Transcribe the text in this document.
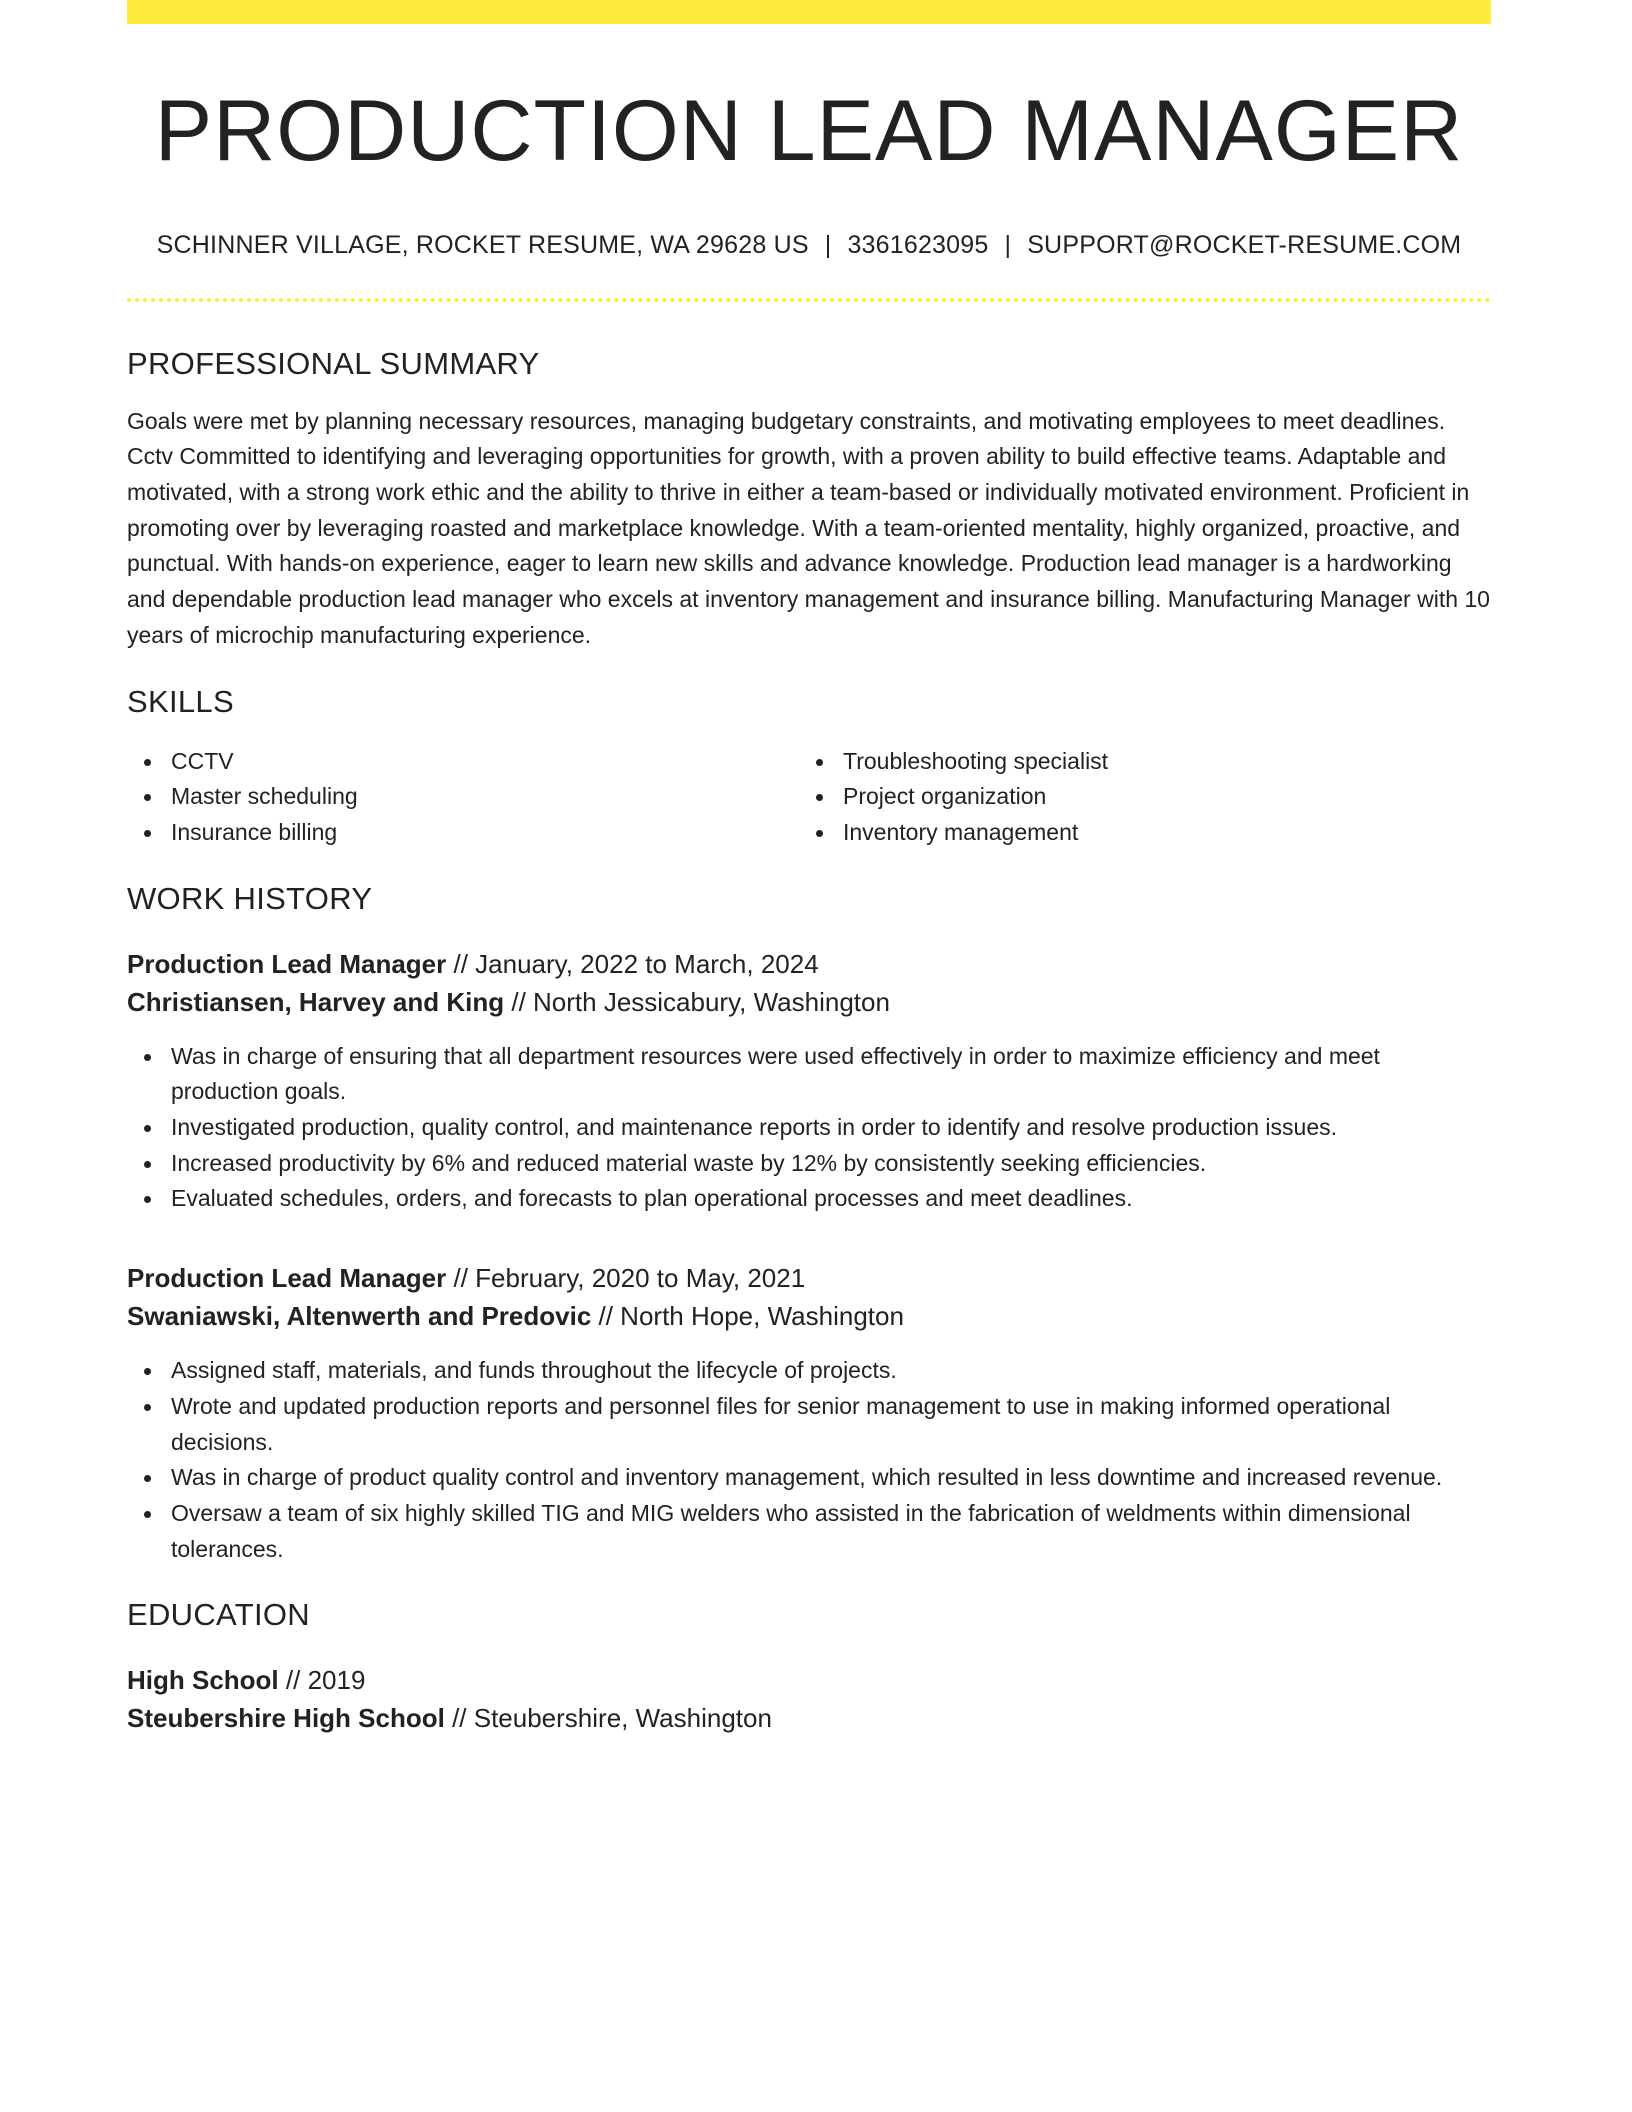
PRODUCTION LEAD MANAGER
SCHINNER VILLAGE, ROCKET RESUME, WA 29628 US | 3361623095 | SUPPORT@ROCKET-RESUME.COM
PROFESSIONAL SUMMARY

Goals were met by planning necessary resources, managing budgetary constraints, and motivating employees to meet deadlines. Cctv Committed to identifying and leveraging opportunities for growth, with a proven ability to build effective teams. Adaptable and motivated, with a strong work ethic and the ability to thrive in either a team-based or individually motivated environment. Proficient in promoting over by leveraging roasted and marketplace knowledge. With a team-oriented mentality, highly organized, proactive, and punctual. With hands-on experience, eager to learn new skills and advance knowledge. Production lead manager is a hardworking and dependable production lead manager who excels at inventory management and insurance billing. Manufacturing Manager with 10 years of microchip manufacturing experience.

SKILLS
CCTV
Master scheduling
Insurance billing
Troubleshooting specialist
Project organization
Inventory management
WORK HISTORY
Production Lead Manager // January, 2022 to March, 2024
Christiansen, Harvey and King // North Jessicabury, Washington
Was in charge of ensuring that all department resources were used effectively in order to maximize efficiency and meet production goals.
Investigated production, quality control, and maintenance reports in order to identify and resolve production issues.
Increased productivity by 6% and reduced material waste by 12% by consistently seeking efficiencies.
Evaluated schedules, orders, and forecasts to plan operational processes and meet deadlines.
Production Lead Manager // February, 2020 to May, 2021
Swaniawski, Altenwerth and Predovic // North Hope, Washington
Assigned staff, materials, and funds throughout the lifecycle of projects.
Wrote and updated production reports and personnel files for senior management to use in making informed operational decisions.
Was in charge of product quality control and inventory management, which resulted in less downtime and increased revenue.
Oversaw a team of six highly skilled TIG and MIG welders who assisted in the fabrication of weldments within dimensional tolerances.
EDUCATION
High School // 2019
Steubershire High School // Steubershire, Washington
